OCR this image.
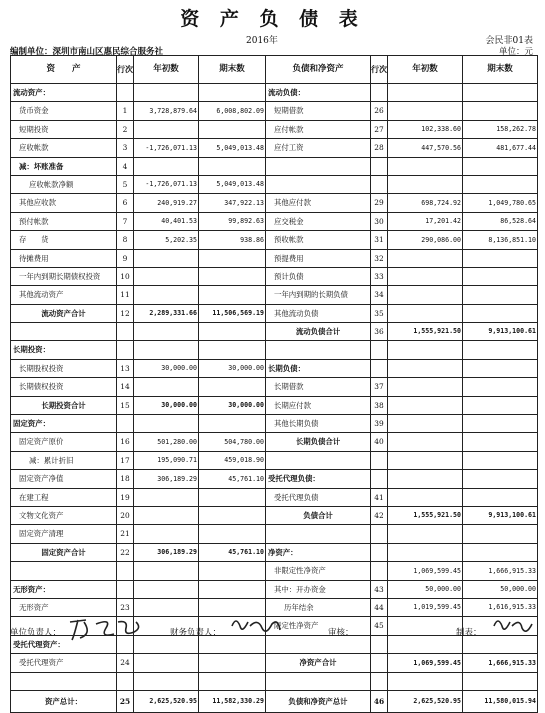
资 产 负 债 表
2016年	会民非01表
编制单位：深圳市南山区惠民综合服务社	单位：元
资　　产	行次	年初数	期末数	负债和净资产	行次	年初数	期末数
流动资产：				流动负债：			
货币资金	1	3,728,879.64	6,008,802.09	短期借款	26		
短期投资	2			应付帐款	27	102,338.60	158,262.78
应收帐款	3	-1,726,071.13	5,049,013.48	应付工资	28	447,570.56	481,677.44
减：坏账准备	4						
应收帐款净额	5	-1,726,071.13	5,049,013.48				
其他应收款	6	240,919.27	347,922.13	其他应付款	29	698,724.92	1,049,780.65
预付帐款	7	40,401.53	99,892.63	应交税金	30	17,201.42	86,528.64
存　　货	8	5,202.35	938.86	预收帐款	31	290,086.00	8,136,851.10
待摊费用	9			预提费用	32		
一年内到期长期债权投资	10			预计负债	33		
其他流动资产	11			一年内到期的长期负债	34		
流动资产合计	12	2,289,331.66	11,506,569.19	其他流动负债	35		
				流动负债合计	36	1,555,921.50	9,913,100.61
长期投资：							
长期股权投资	13	30,000.00	30,000.00	长期负债：			
长期债权投资	14			长期借款	37		
长期投资合计	15	30,000.00	30,000.00	长期应付款	38		
固定资产：				其他长期负债	39		
固定资产原价	16	501,280.00	504,780.00	长期负债合计	40		
减：累计折旧	17	195,090.71	459,018.90				
固定资产净值	18	306,189.29	45,761.10	受托代理负债：			
在建工程	19			受托代理负债	41		
文物文化资产	20			负债合计	42	1,555,921.50	9,913,100.61
固定资产清理	21						
固定资产合计	22	306,189.29	45,761.10	净资产：			
				非限定性净资产		1,069,599.45	1,666,915.33
无形资产：				其中：开办资金	43	50,000.00	50,000.00
无形资产	23			历年结余	44	1,019,599.45	1,616,915.33
				限定性净资产	45		
受托代理资产：							
受托代理资产	24			净资产合计		1,069,599.45	1,666,915.33

资产总计：	25	2,625,520.95	11,582,330.29	负债和净资产总计	46	2,625,520.95	11,580,015.94
单位负责人：	财务负责人：	审核：	制表：
